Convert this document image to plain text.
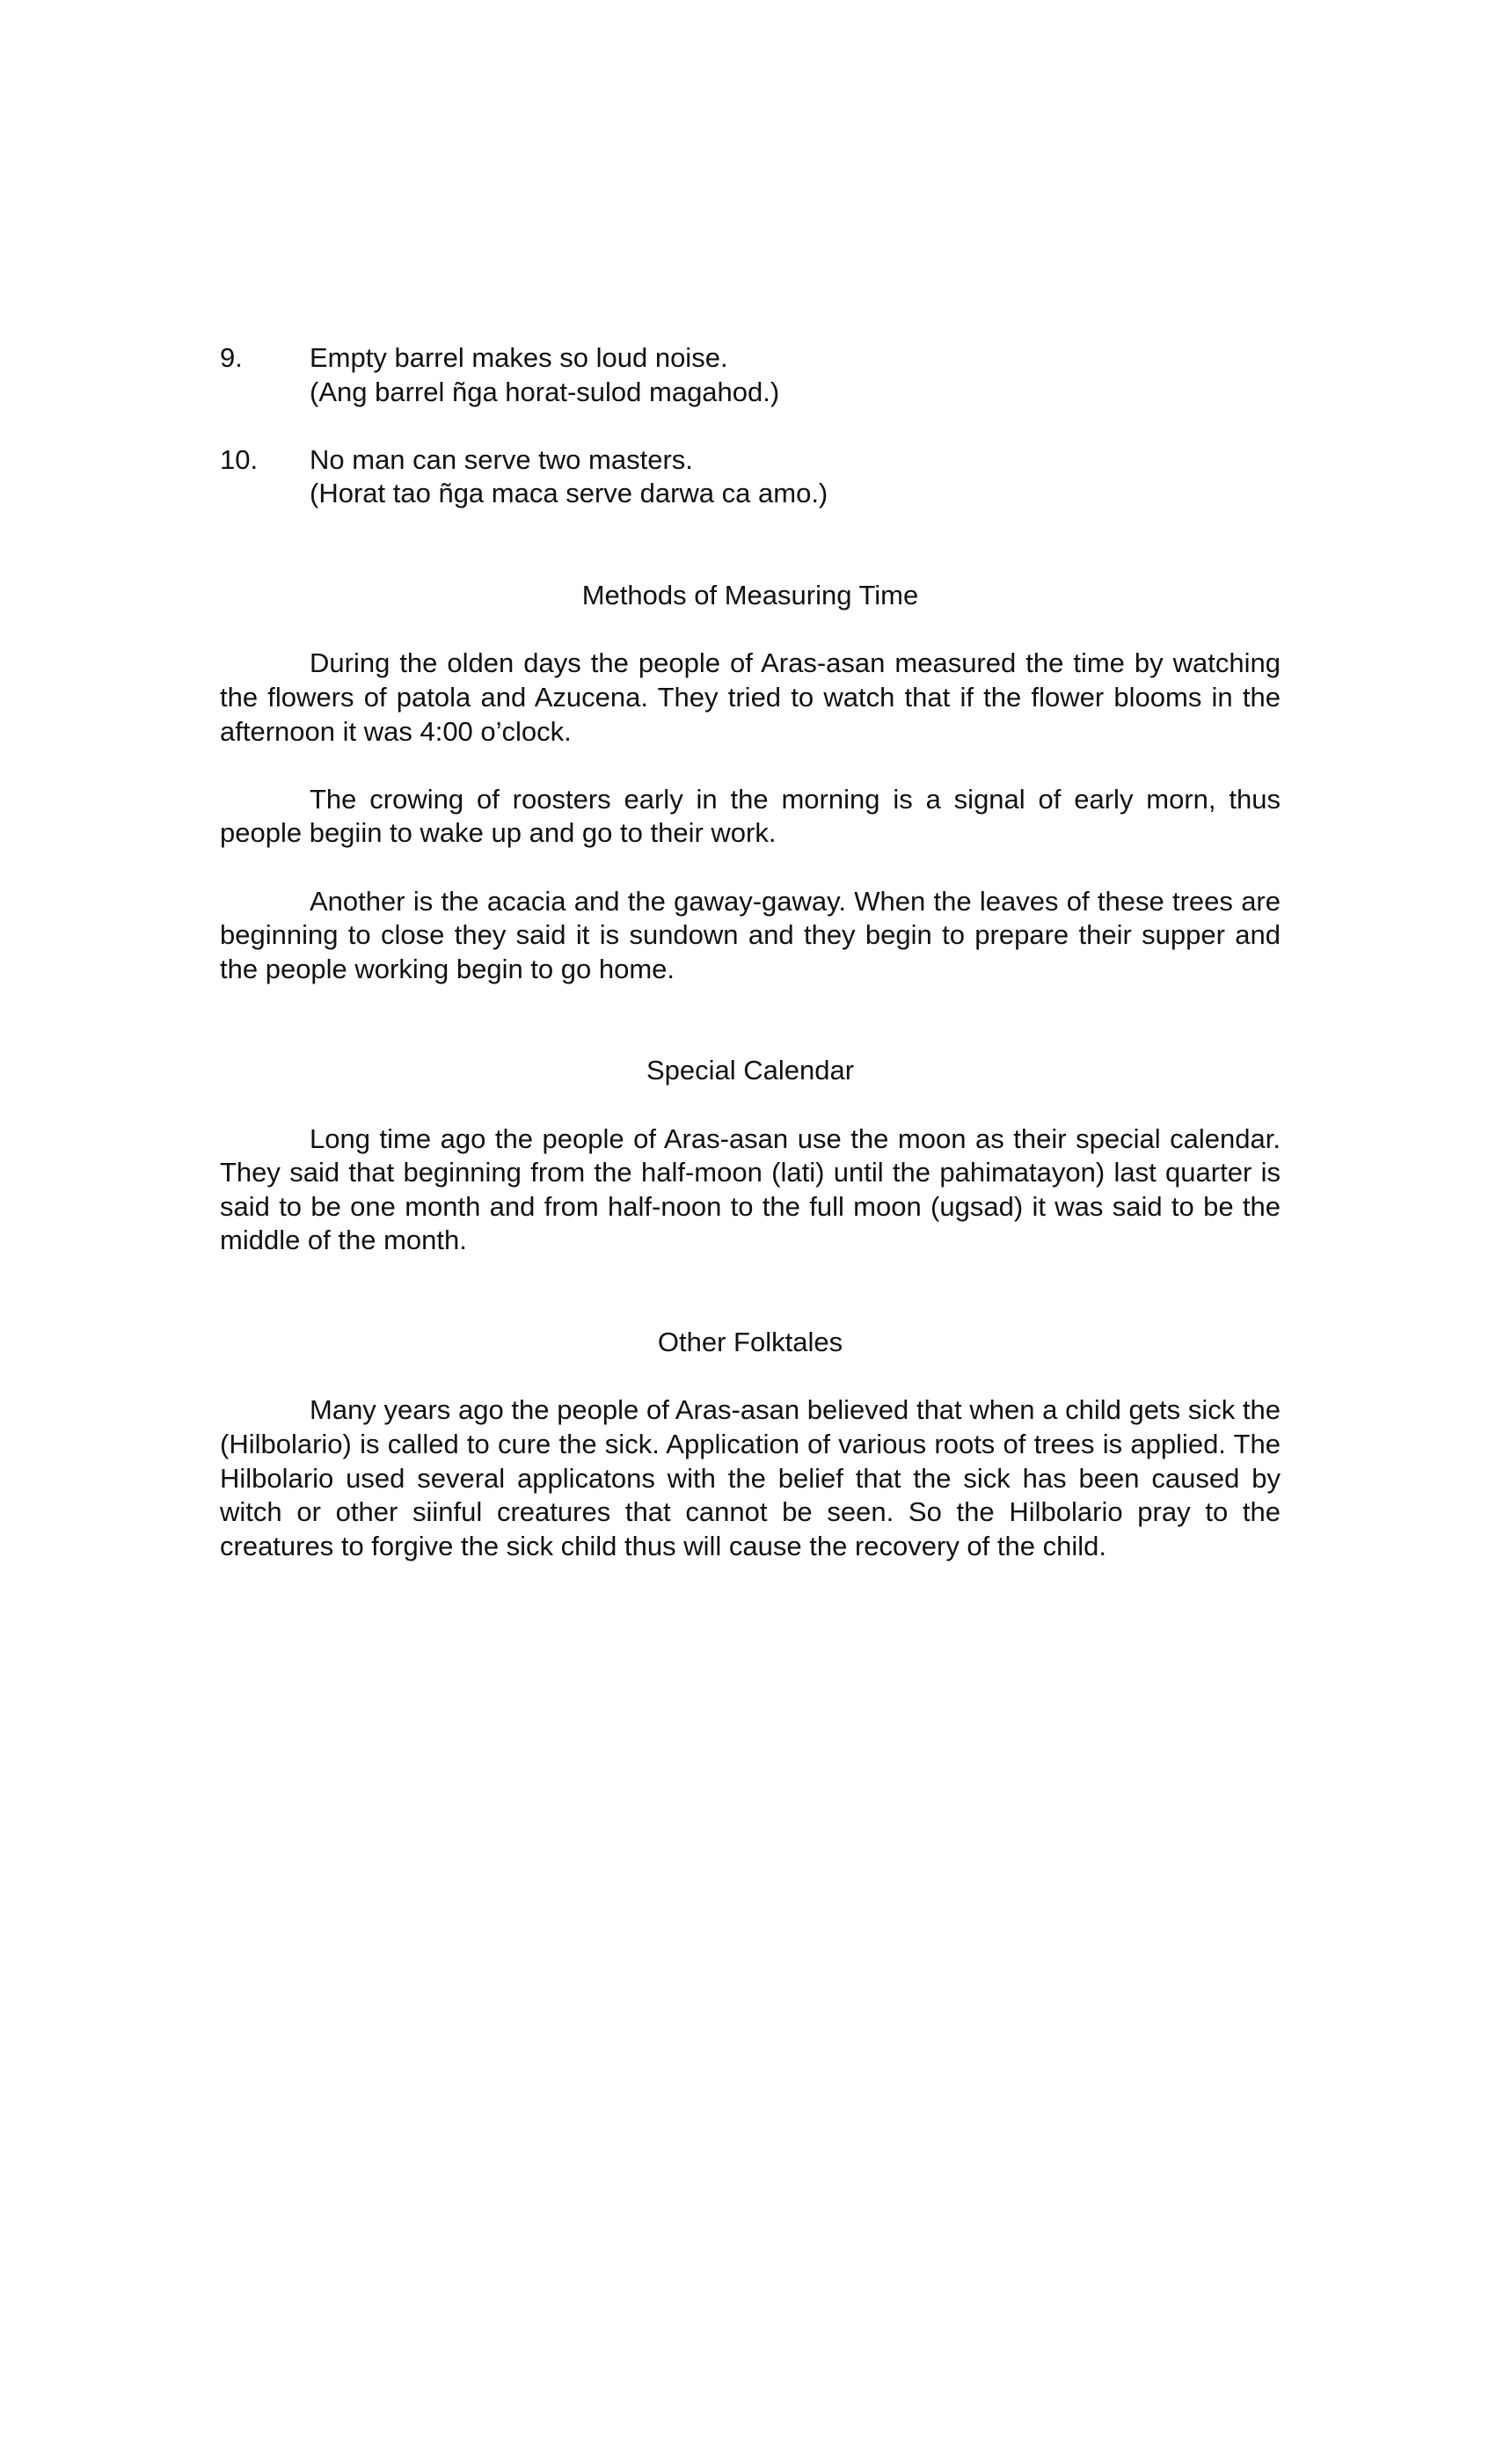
9.	Empty barrel makes so loud noise.

(Ang barrel ñga horat-sulod magahod.)

10.	No man can serve two masters.

(Horat tao ñga maca serve darwa ca amo.)

Methods of Measuring Time

During the olden days the people of Aras-asan measured the time by watching the flowers of patola and Azucena. They tried to watch that if the flower blooms in the afternoon it was 4:00 o’clock.

The crowing of roosters early in the morning is a signal of early morn, thus people begiin to wake up and go to their work.

Another is the acacia and the gaway-gaway. When the leaves of these trees are beginning to close they said it is sundown and they begin to prepare their supper and the people working begin to go home.

Special Calendar

Long time ago the people of Aras-asan use the moon as their special calendar. They said that beginning from the half-moon (lati) until the pahimatayon) last quarter is said to be one month and from half-noon to the full moon (ugsad) it was said to be the middle of the month.

Other Folktales

Many years ago the people of Aras-asan believed that when a child gets sick the (Hilbolario) is called to cure the sick. Application of various roots of trees is applied. The Hilbolario used several applicatons with the belief that the sick has been caused by witch or other siinful creatures that cannot be seen. So the Hilbolario pray to the creatures to forgive the sick child thus will cause the recovery of the child.
